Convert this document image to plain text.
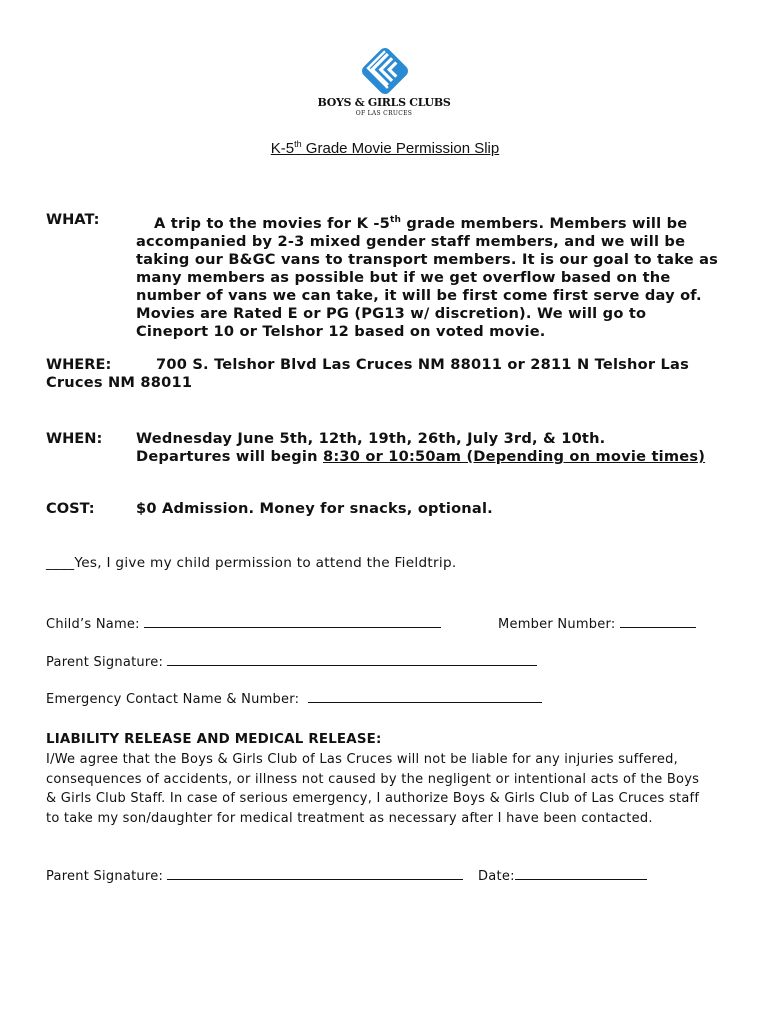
BOYS & GIRLS CLUBS
OF LAS CRUCES
K-5th Grade Movie Permission Slip
WHAT:	A trip to the movies for K -5th grade members. Members will be
accompanied by 2-3 mixed gender staff members, and we will be
taking our B&GC vans to transport members. It is our goal to take as
many members as possible but if we get overflow based on the
number of vans we can take, it will be first come first serve day of.
Movies are Rated E or PG (PG13 w/ discretion). We will go to
Cineport 10 or Telshor 12 based on voted movie.
WHERE:	700 S. Telshor Blvd Las Cruces NM 88011 or 2811 N Telshor Las
Cruces NM 88011
WHEN: Wednesday June 5th, 12th, 19th, 26th, July 3rd, & 10th.
Departures will begin 8:30 or 10:50am (Depending on movie times)
COST:	$0 Admission. Money for snacks, optional.
____Yes, I give my child permission to attend the Fieldtrip.
Child’s Name:	Member Number:
Parent Signature:
Emergency Contact Name & Number:
LIABILITY RELEASE AND MEDICAL RELEASE:
I/We agree that the Boys & Girls Club of Las Cruces will not be liable for any injuries suffered,
consequences of accidents, or illness not caused by the negligent or intentional acts of the Boys
& Girls Club Staff. In case of serious emergency, I authorize Boys & Girls Club of Las Cruces staff
to take my son/daughter for medical treatment as necessary after I have been contacted.
Parent Signature:	Date:
